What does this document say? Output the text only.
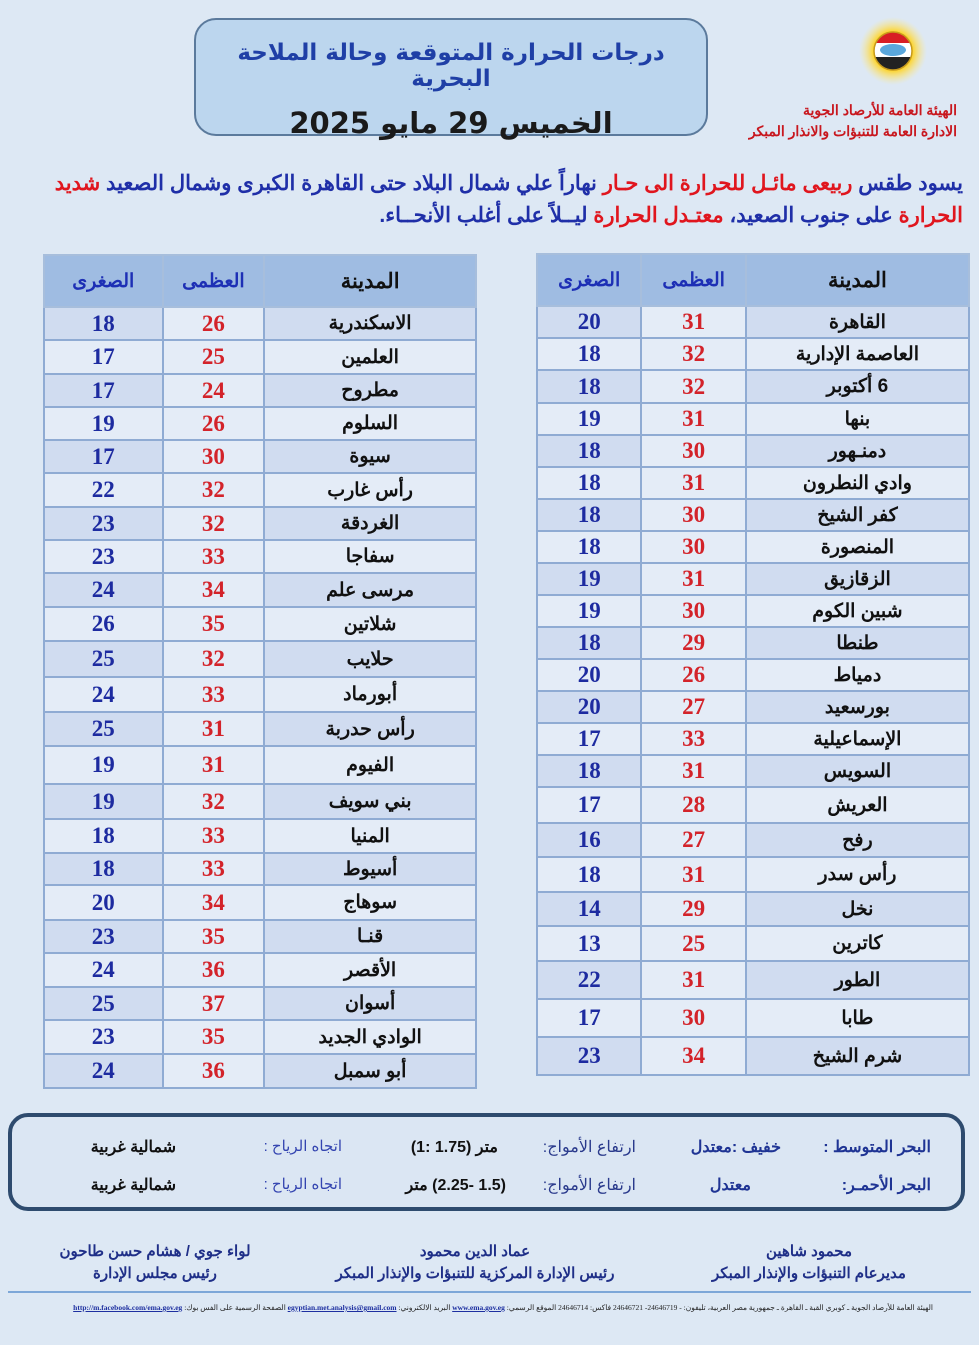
درجات الحرارة المتوقعة وحالة الملاحة البحرية
الخميس 29 مايو 2025	الهيئة العامة للأرصاد الجوية
الادارة العامة للتنبؤات والانذار المبكر
يسود طقس ربيعى مائـل للحرارة الى حـار نهاراً علي شمال البلاد حتى القاهرة الكبرى وشمال الصعيد شديد الحرارة على جنوب الصعيد، معتـدل الحرارة ليــلاً على أغلب الأنحــاء.
المدينة	العظمى	الصغرى
القاهرة	31	20
العاصمة الإدارية	32	18
6 أكتوبر	32	18
بنها	31	19
دمنـهور	30	18
وادي النطرون	31	18
كفر الشيخ	30	18
المنصورة	30	18
الزقازيق	31	19
شبين الكوم	30	19
طنطا	29	18
دمياط	26	20
بورسعيد	27	20
الإسماعيلية	33	17
السويس	31	18
العريش	28	17
رفح	27	16
رأس سدر	31	18
نخل	29	14
كاترين	25	13
الطور	31	22
طابا	30	17
شرم الشيخ	34	23
المدينة	العظمى	الصغرى
الاسكندرية	26	18
العلمين	25	17
مطروح	24	17
السلوم	26	19
سيوة	30	17
رأس غارب	32	22
الغردقة	32	23
سفاجا	33	23
مرسى علم	34	24
شلاتين	35	26
حلايب	32	25
أبورماد	33	24
رأس حدربة	31	25
الفيوم	31	19
بني سويف	32	19
المنيا	33	18
أسيوط	33	18
سوهاج	34	20
قنـا	35	23
الأقصر	36	24
أسوان	37	25
الوادي الجديد	35	23
أبو سمبل	36	24
البحر المتوسط :
خفيف :معتدل
ارتفاع الأمواج:
(1: 1.75) متر
اتجاه الرياح :
شمالية غربية
البحر الأحمـر:
معتدل
ارتفاع الأمواج:
(1.5 -2.25) متر
اتجاه الرياح :
شمالية غربية
محمود شاهين
مديرعام التنبؤات والإنذار المبكر
عماد الدين محمود
رئيس الإدارة المركزية للتنبؤات والإنذار المبكر
لواء جوي / هشام حسن طاحون
رئيس مجلس الإدارة
الهيئة العامة للأرصاد الجوية ـ كوبري القبة ـ القاهرة ـ جمهورية مصر العربية، تليفون: - 24646719- 24646721 فاكس: 24646714 الموقع الرسمي: www.ema.gov.eg البريد الالكتروني: egyptian.met.analysis@gmail.com الصفحة الرسمية على الفس بوك: http://m.facebook.com/ema.gov.eg
